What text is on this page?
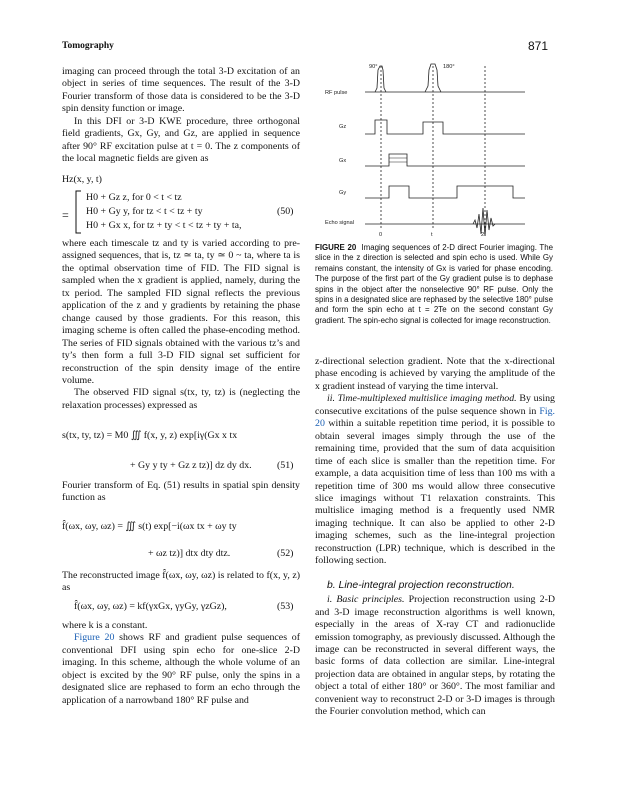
Tomography	871

imaging can proceed through the total 3-D excitation of an object in series of time sequences. The result of the 3-D Fourier transform of those data is considered to be the 3-D spin density function or image.

In this DFI or 3-D KWE procedure, three orthogonal field gradients, Gx, Gy, and Gz, are applied in sequence after 90° RF excitation pulse at t = 0. The z components of the local magnetic fields are given as

Hz(x, y, t)
=
H0 + Gz z, for 0 < t < tz
H0 + Gy y, for tz < t < tz + ty
H0 + Gx x, for tz + ty < t < tz + ty + ta,
(50)

where each timescale tz and ty is varied according to pre-assigned sequences, that is, tz ≃ ta, ty ≃ 0 ~ ta, where ta is the optimal observation time of FID. The FID signal is sampled when the x gradient is applied, namely, during the tx period. The sampled FID signal reflects the previous application of the z and y gradients by retaining the phase change caused by those gradients. For this reason, this imaging scheme is often called the phase-encoding method. The series of FID signals obtained with the various tz’s and ty’s then form a full 3-D FID signal set sufficient for reconstruction of the spin density image of the entire volume.

The observed FID signal s(tx, ty, tz) is (neglecting the relaxation processes) expressed as

s(tx, ty, tz) = M0 ∭ f(x, y, z) exp[iγ(Gx x tx
+ Gy y ty + Gz z tz)] dz dy dx.	(51)

Fourier transform of Eq. (51) results in spatial spin density function as

f̂(ωx, ωy, ωz) = ∭ s(t) exp[−i(ωx tx + ωy ty
+ ωz tz)] dtx dty dtz.	(52)

The reconstructed image f̂(ωx, ωy, ωz) is related to f(x, y, z) as

f̂(ωx, ωy, ωz) = kf(γxGx, γyGy, γzGz),	(53)

where k is a constant.

Figure 20 shows RF and gradient pulse sequences of conventional DFI using spin echo for one-slice 2-D imaging. In this scheme, although the whole volume of an object is excited by the 90° RF pulse, only the spins in a designated slice are rephased to form an echo through the application of a narrowband 180° RF pulse and

RF pulse
Gz
Gx
Gy
Echo signal
90°	180°
0	t	2t
FIGURE 20 Imaging sequences of 2-D direct Fourier imaging. The slice in the z direction is selected and spin echo is used. While Gy remains constant, the intensity of Gx is varied for phase encoding. The purpose of the first part of the Gy gradient pulse is to dephase spins in the object after the nonselective 90° RF pulse. Only the spins in a designated slice are rephased by the selective 180° pulse and form the spin echo at t = 2Te on the second constant Gy gradient. The spin-echo signal is collected for image reconstruction.

z-directional selection gradient. Note that the x-directional phase encoding is achieved by varying the amplitude of the x gradient instead of varying the time interval.

ii. Time-multiplexed multislice imaging method. By using consecutive excitations of the pulse sequence shown in Fig. 20 within a suitable repetition time period, it is possible to obtain several images simply through the use of the remaining time, provided that the sum of data acquisition time of each slice is smaller than the repetition time. For example, a data acquisition time of less than 100 ms with a repetition time of 300 ms would allow three consecutive slice imagings without T1 relaxation constraints. This multislice imaging method is a frequently used NMR imaging technique. It can also be applied to other 2-D imaging schemes, such as the line-integral projection reconstruction (LPR) technique, which is described in the following section.

b. Line-integral projection reconstruction.

i. Basic principles. Projection reconstruction using 2-D and 3-D image reconstruction algorithms is well known, especially in the areas of X-ray CT and radionuclide emission tomography, as previously discussed. Although the image can be reconstructed in several different ways, the basic forms of data collection are similar. Line-integral projection data are obtained in angular steps, by rotating the object a total of either 180° or 360°. The most familiar and convenient way to reconstruct 2-D or 3-D images is through the Fourier convolution method, which can
